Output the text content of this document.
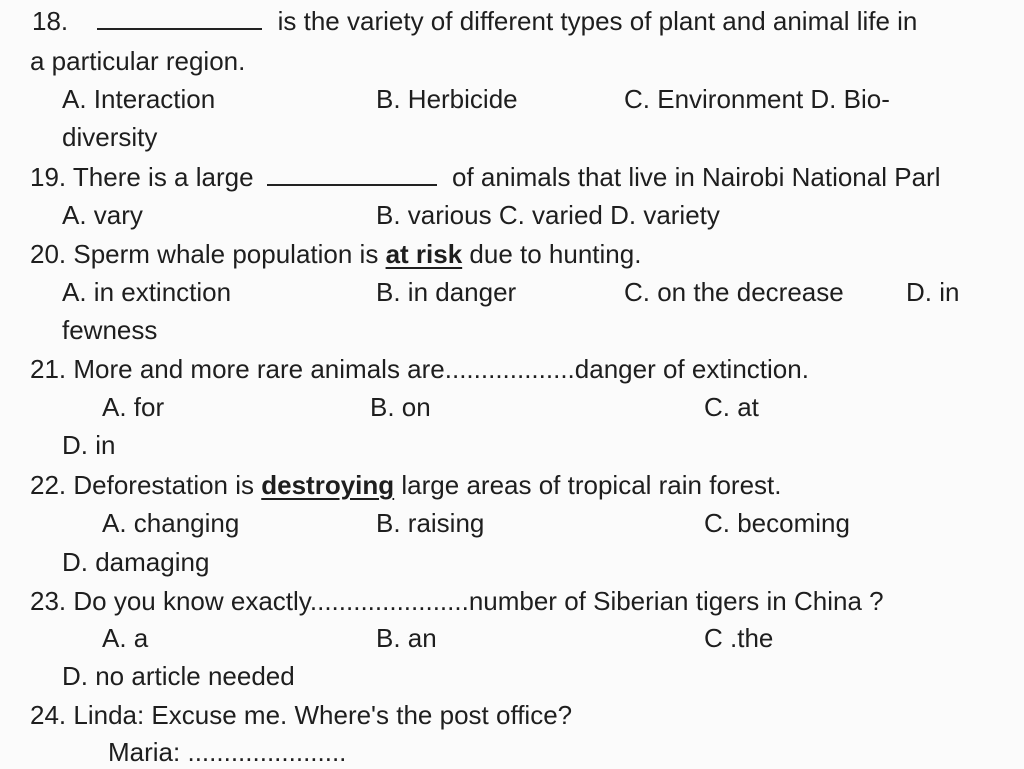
18.	is the variety of different types of plant and animal life in
a particular region.
A. Interaction	B. Herbicide	C. Environment D. Bio-
diversity
19. There is a large	of animals that live in Nairobi National Parl
A. vary	B. various C. varied D. variety
20. Sperm whale population is at risk due to hunting.
A. in extinction	B. in danger	C. on the decrease D. in
fewness
21. More and more rare animals are..................danger of extinction.
A. for	B. on	C. at
D. in
22. Deforestation is destroying large areas of tropical rain forest.
A. changing	B. raising	C. becoming
D. damaging
23. Do you know exactly......................number of Siberian tigers in China ?
A. a	B. an	C .the
D. no article needed
24. Linda: Excuse me. Where's the post office?
Maria: ......................
